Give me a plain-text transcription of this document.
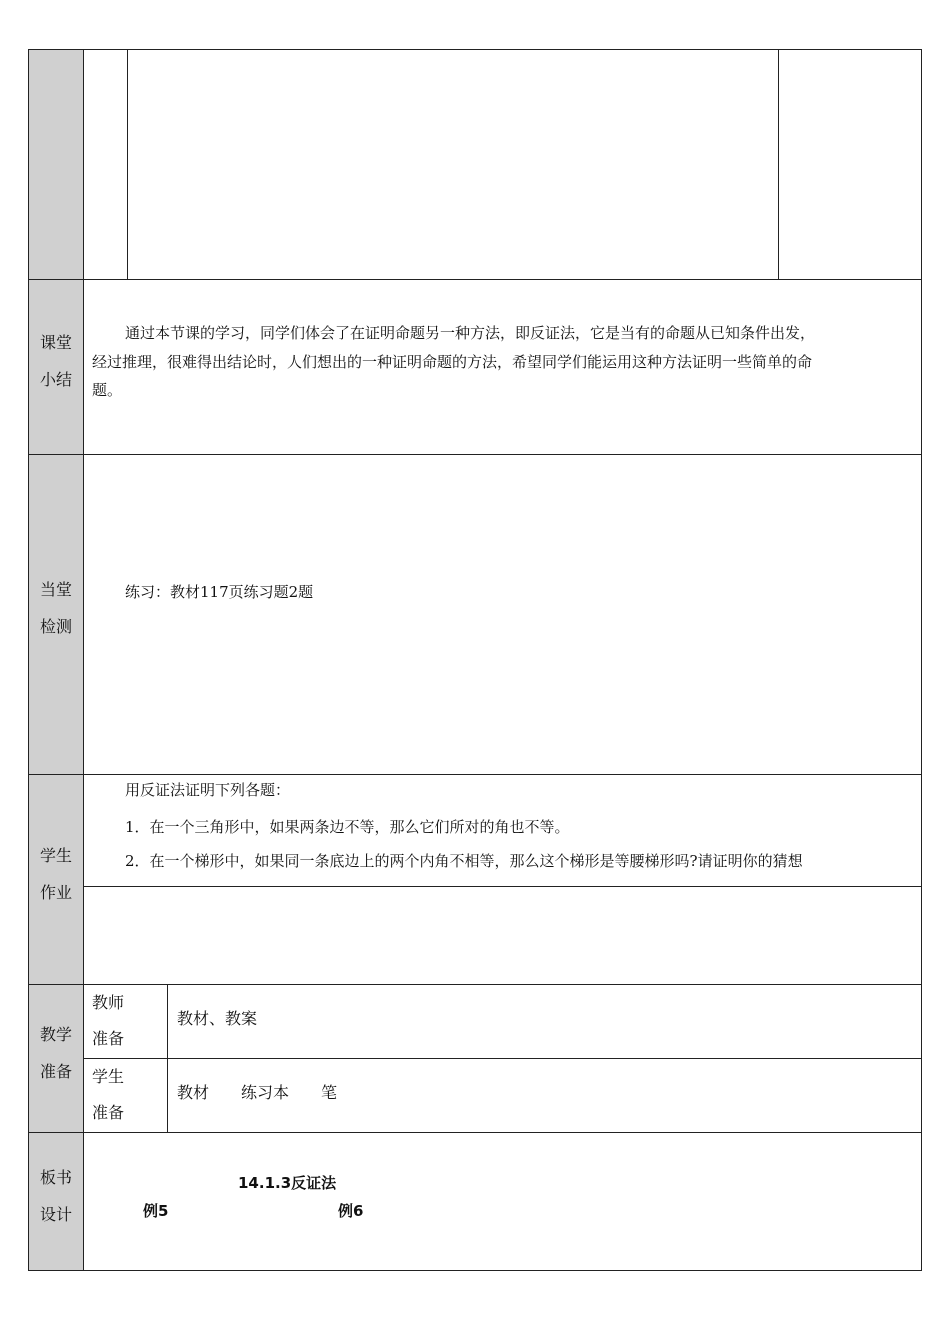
课堂
小结
通过本节课的学习，同学们体会了在证明命题另一种方法，即反证法，它是当有的命题从已知条件出发，
经过推理，很难得出结论时，人们想出的一种证明命题的方法，希望同学们能运用这种方法证明一些简单的命
题。
当堂
检测
练习：教材117页练习题2题
学生
作业
用反证法证明下列各题：
1．在一个三角形中，如果两条边不等，那么它们所对的角也不等。
2．在一个梯形中，如果同一条底边上的两个内角不相等，那么这个梯形是等腰梯形吗?请证明你的猜想
教学
准备
教师
准备
教材、教案
学生
准备
教材　　练习本　　笔
板书
设计
14.1.3反证法
例5	例6
